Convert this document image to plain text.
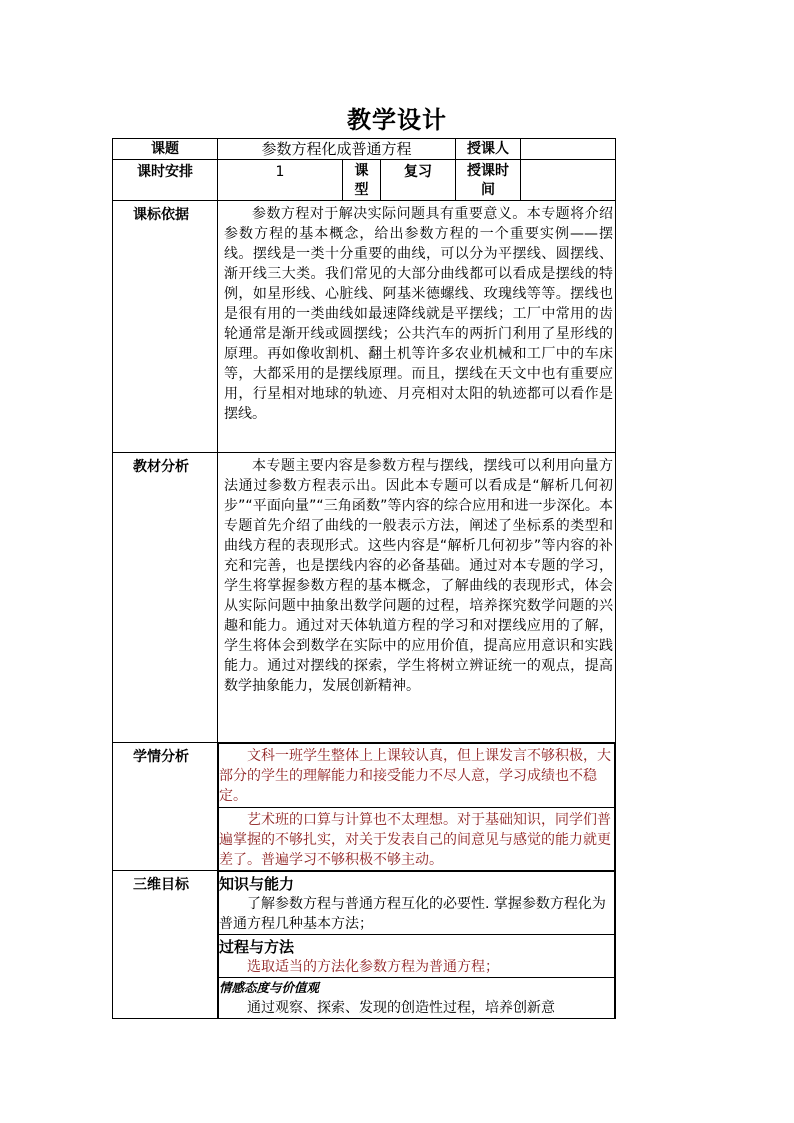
教学设计
课题	参数方程化成普通方程	授课人	
课时安排	1	课型	复习	授课时间	
课标依据	参数方程对于解决实际问题具有重要意义。本专题将介绍参数方程的基本概念，给出参数方程的一个重要实例——摆线。摆线是一类十分重要的曲线，可以分为平摆线、圆摆线、渐开线三大类。我们常见的大部分曲线都可以看成是摆线的特例，如星形线、心脏线、阿基米德螺线、玫瑰线等等。摆线也是很有用的一类曲线如最速降线就是平摆线；工厂中常用的齿轮通常是渐开线或圆摆线；公共汽车的两折门利用了星形线的原理。再如像收割机、翻土机等许多农业机械和工厂中的车床等，大都采用的是摆线原理。而且，摆线在天文中也有重要应用，行星相对地球的轨迹、月亮相对太阳的轨迹都可以看作是摆线。

教材分析	本专题主要内容是参数方程与摆线，摆线可以利用向量方法通过参数方程表示出。因此本专题可以看成是“解析几何初步”“平面向量”“三角函数”等内容的综合应用和进一步深化。本专题首先介绍了曲线的一般表示方法，阐述了坐标系的类型和曲线方程的表现形式。这些内容是“解析几何初步”等内容的补充和完善，也是摆线内容的必备基础。通过对本专题的学习，学生将掌握参数方程的基本概念，了解曲线的表现形式，体会从实际问题中抽象出数学问题的过程，培养探究数学问题的兴趣和能力。通过对天体轨道方程的学习和对摆线应用的了解，学生将体会到数学在实际中的应用价值，提高应用意识和实践能力。通过对摆线的探索，学生将树立辨证统一的观点，提高数学抽象能力，发展创新精神。

学情分析		文科一班学生整体上上课较认真，但上课发言不够积极，大部分的学生的理解能力和接受能力不尽人意，学习成绩也不稳定。

艺术班的口算与计算也不太理想。对于基础知识，同学们普遍掌握的不够扎实，对关于发表自己的间意见与感觉的能力就更差了。普遍学习不够积极不够主动。

三维目标	知识与能力
了解参数方程与普通方程互化的必要性. 掌握参数方程化为普通方程几种基本方法；

过程与方法
选取适当的方法化参数方程为普通方程；

情感态度与价值观
通过观察、探索、发现的创造性过程，培养创新意
